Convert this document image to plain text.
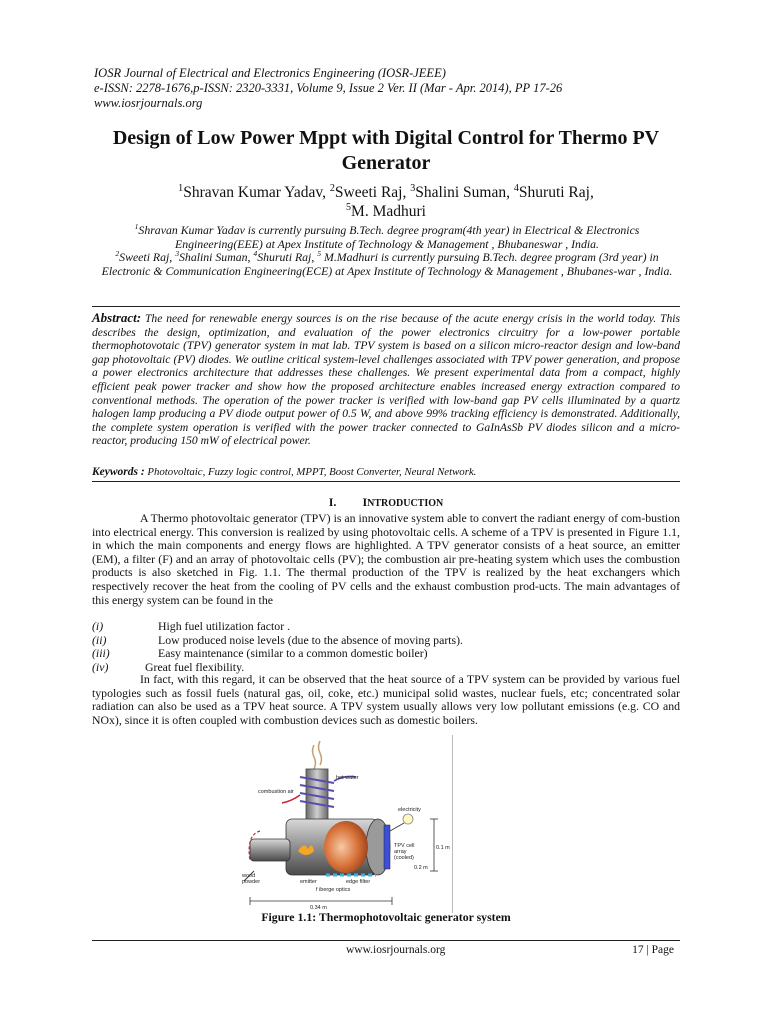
IOSR Journal of Electrical and Electronics Engineering (IOSR-JEEE)
e-ISSN: 2278-1676,p-ISSN: 2320-3331, Volume 9, Issue 2 Ver. II (Mar - Apr. 2014), PP 17-26
www.iosrjournals.org
Design of Low Power Mppt with Digital Control for Thermo PV Generator
$^1$Shravan Kumar Yadav, $^2$Sweeti Raj, $^3$Shalini Suman, $^4$Shuruti Raj,
$^5$M. Madhuri
$^1$Shravan Kumar Yadav is currently pursuing B.Tech. degree program(4th year) in Electrical & Electronics Engineering(EEE) at Apex Institute of Technology & Management , Bhubaneswar , India.
$^2$Sweeti Raj, $^3$Shalini Suman, $^4$Shuruti Raj, $^5$ M.Madhuri is currently pursuing B.Tech. degree program (3rd year) in Electronic & Communication Engineering(ECE) at Apex Institute of Technology & Management , Bhubanes-war , India.
Abstract: The need for renewable energy sources is on the rise because of the acute energy crisis in the world today. This describes the design, optimization, and evaluation of the power electronics circuitry for a low-power portable thermophotovotaic (TPV) generator system in mat lab. TPV system is based on a silicon micro-reactor design and low-band gap photovoltaic (PV) diodes. We outline critical system-level challenges associated with TPV power generation, and propose a power electronics architecture that addresses these challenges. We present experimental data from a compact, highly efficient peak power tracker and show how the proposed architecture enables increased energy extraction compared to conventional methods. The operation of the power tracker is verified with low-band gap PV cells illuminated by a quartz halogen lamp producing a PV diode output power of 0.5 W, and above 99% tracking efficiency is demonstrated. Additionally, the complete system operation is verified with the power tracker connected to GaInAsSb PV diodes silicon and a micro-reactor, producing 150 mW of electrical power.
Keywords : Photovoltaic, Fuzzy logic control, MPPT, Boost Converter, Neural Network.
I. INTRODUCTION
A Thermo photovoltaic generator (TPV) is an innovative system able to convert the radiant energy of com-bustion into electrical energy. This conversion is realized by using photovoltaic cells. A scheme of a TPV is presented in Figure 1.1, in which the main components and energy flows are highlighted. A TPV generator consists of a heat source, an emitter (EM), a filter (F) and an array of photovoltaic cells (PV); the combustion air pre-heating system which uses the combustion products is also sketched in Fig. 1.1. The thermal production of the TPV is realized by the heat exchangers which respectively recover the heat from the cooling of PV cells and the exhaust combustion prod-ucts. The main advantages of this energy system can be found in the
(i)	High fuel utilization factor .
(ii)	Low produced noise levels (due to the absence of moving parts).
(iii)	Easy maintenance (similar to a common domestic boiler)
(iv)	Great fuel flexibility.
In fact, with this regard, it can be observed that the heat source of a TPV system can be provided by various fuel typologies such as fossil fuels (natural gas, oil, coke, etc.) municipal solid wastes, nuclear fuels, etc; concentrated solar radiation can also be used as a TPV heat source. A TPV system usually allows very low pollutant emissions (e.g. CO and NOx), since it is often coupled with combustion devices such as domestic boilers.
hot water
combustion air
electricity
TPV cell
array
(cooled)
0.1 m
0.2 m
wood
powder	emitter	edge filter
f iberge optics
0.34 m
Figure 1.1: Thermophotovoltaic generator system
www.iosrjournals.org	17 | Page
